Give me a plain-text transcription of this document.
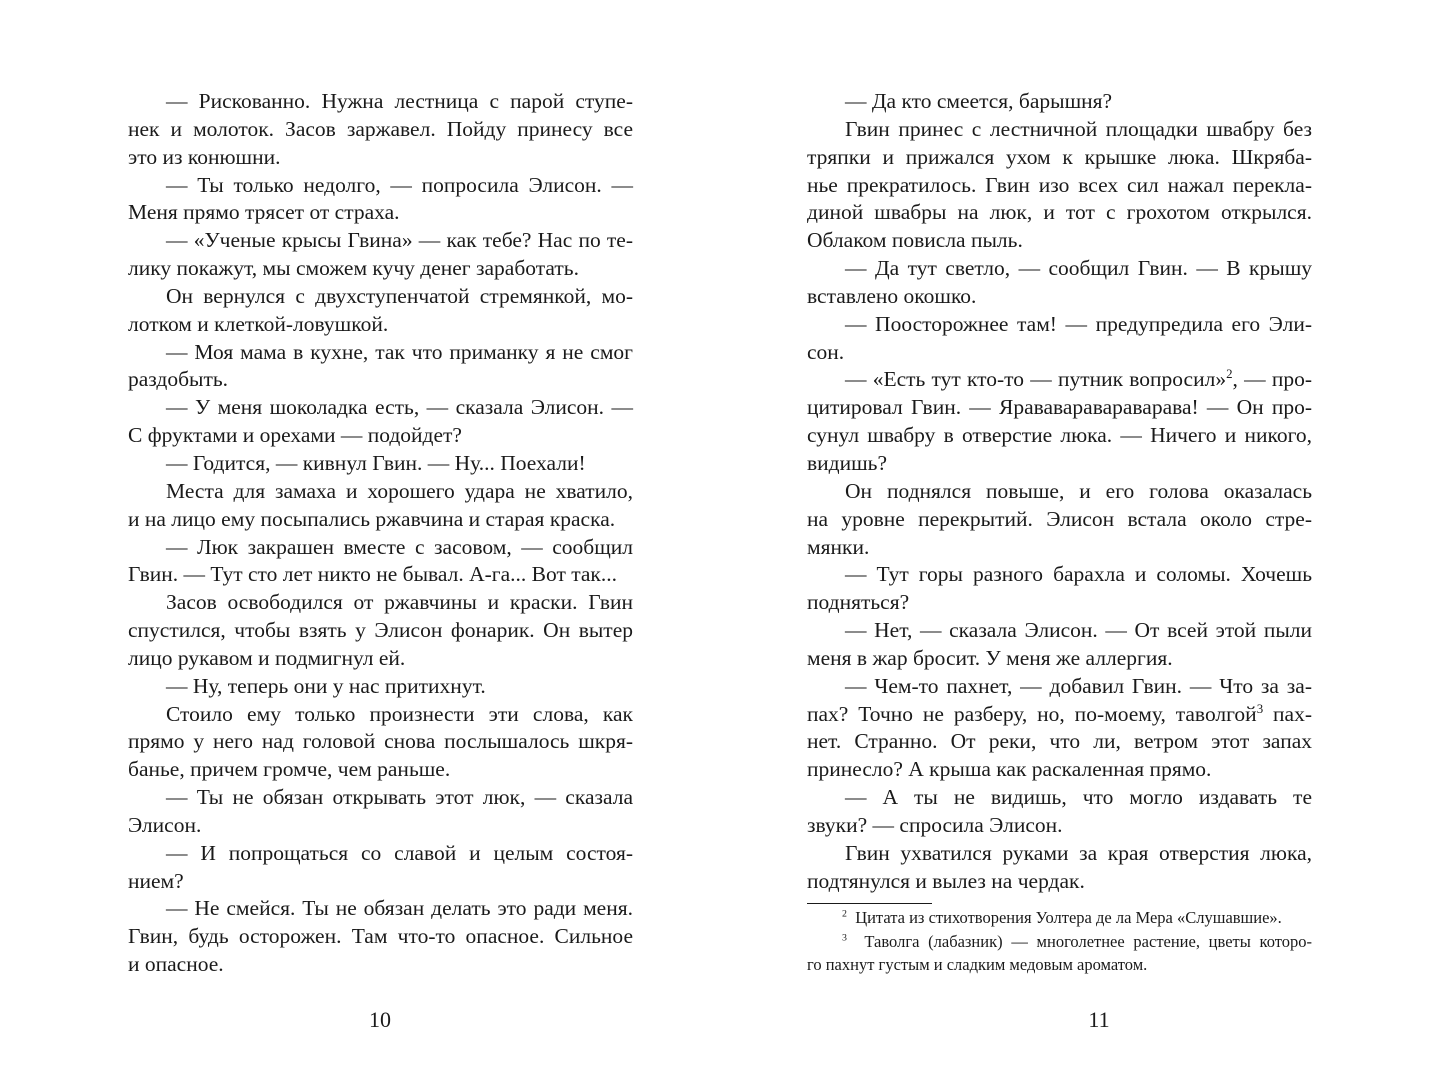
— Рискованно. Нужна лестница с парой ступе-
нек и молоток. Засов заржавел. Пойду принесу все
это из конюшни.

— Ты только недолго, — попросила Элисон. —
Меня прямо трясет от страха.

— «Ученые крысы Гвина» — как тебе? Нас по те-
лику покажут, мы сможем кучу денег заработать.

Он вернулся с двухступенчатой стремянкой, мо-
лотком и клеткой-ловушкой.

— Моя мама в кухне, так что приманку я не смог
раздобыть.

— У меня шоколадка есть, — сказала Элисон. —
С фруктами и орехами — подойдет?

— Годится, — кивнул Гвин. — Ну... Поехали!

Места для замаха и хорошего удара не хватило,
и на лицо ему посыпались ржавчина и старая краска.

— Люк закрашен вместе с засовом, — сообщил
Гвин. — Тут сто лет никто не бывал. А-га... Вот так...

Засов освободился от ржавчины и краски. Гвин
спустился, чтобы взять у Элисон фонарик. Он вытер
лицо рукавом и подмигнул ей.

— Ну, теперь они у нас притихнут.

Стоило ему только произнести эти слова, как
прямо у него над головой снова послышалось шкря-
банье, причем громче, чем раньше.

— Ты не обязан открывать этот люк, — сказала
Элисон.

— И попрощаться со славой и целым состоя-
нием?

— Не смейся. Ты не обязан делать это ради меня.
Гвин, будь осторожен. Там что-то опасное. Сильное
и опасное.

10

— Да кто смеется, барышня?

Гвин принес с лестничной площадки швабру без
тряпки и прижался ухом к крышке люка. Шкряба-
нье прекратилось. Гвин изо всех сил нажал перекла-
диной швабры на люк, и тот с грохотом открылся.
Облаком повисла пыль.

— Да тут светло, — сообщил Гвин. — В крышу
вставлено окошко.

— Поосторожнее там! — предупредила его Эли-
сон.

— «Есть тут кто-то — путник вопросил»$^2$, — про-
цитировал Гвин. — Ярававаравараварава! — Он про-
сунул швабру в отверстие люка. — Ничего и никого,
видишь?

Он поднялся повыше, и его голова оказалась
на уровне перекрытий. Элисон встала около стре-
мянки.

— Тут горы разного барахла и соломы. Хочешь
подняться?

— Нет, — сказала Элисон. — От всей этой пыли
меня в жар бросит. У меня же аллергия.

— Чем-то пахнет, — добавил Гвин. — Что за за-
пах? Точно не разберу, но, по-моему, таволгой$^3$ пах-
нет. Странно. От реки, что ли, ветром этот запах
принесло? А крыша как раскаленная прямо.

— А ты не видишь, что могло издавать те
звуки? — спросила Элисон.

Гвин ухватился руками за края отверстия люка,
подтянулся и вылез на чердак.

$^2$ Цитата из стихотворения Уолтера де ла Мера «Слушавшие».
$^3$ Таволга (лабазник) — многолетнее растение, цветы которо-
го пахнут густым и сладким медовым ароматом.
11
